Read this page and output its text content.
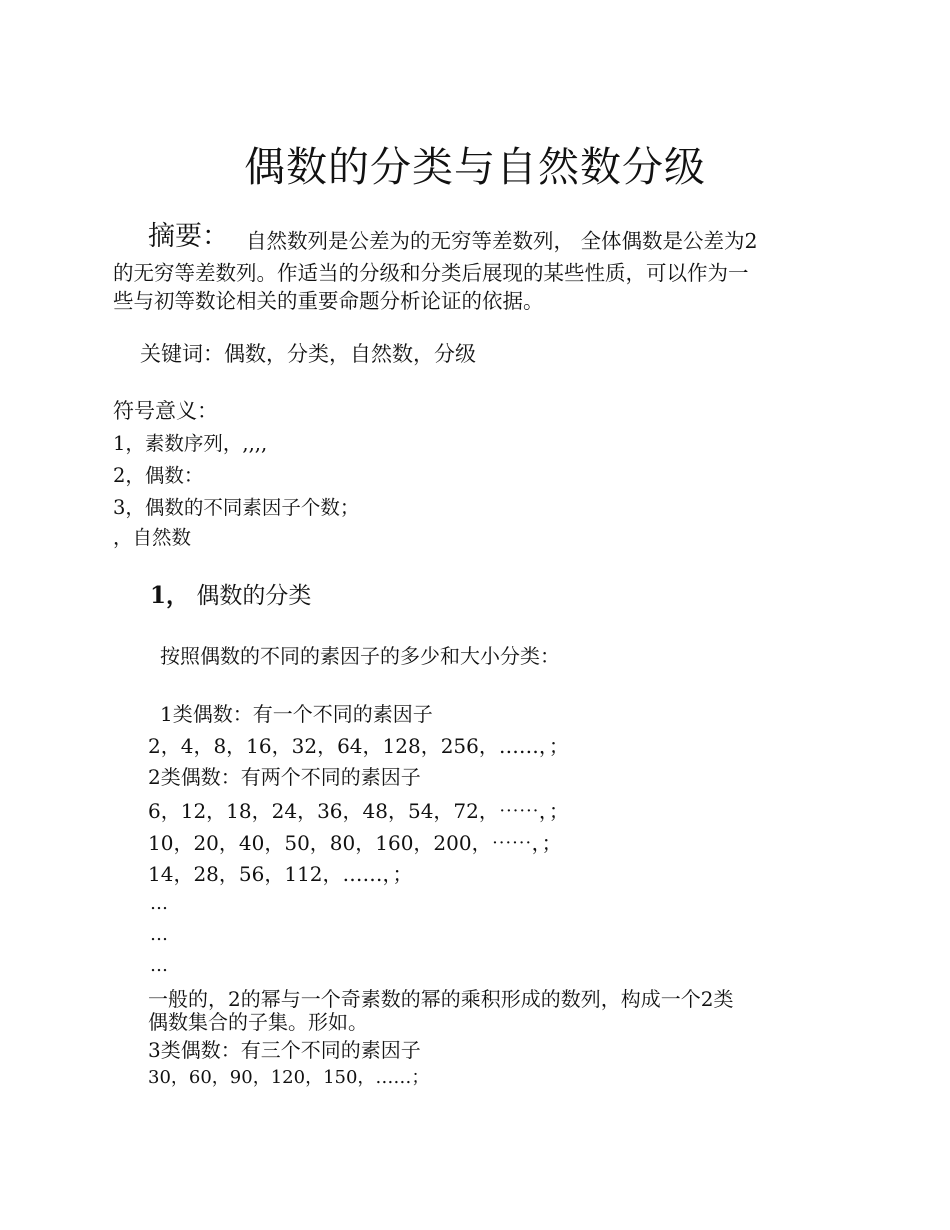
偶数的分类与自然数分级
摘要： 自然数列是公差为的无穷等差数列， 全体偶数是公差为2
的无穷等差数列。作适当的分级和分类后展现的某些性质，可以作为一
些与初等数论相关的重要命题分析论证的依据。
关键词：偶数，分类，自然数，分级
符号意义：
1，素数序列，,,,,
2，偶数：
3，偶数的不同素因子个数；
，自然数
1， 偶数的分类
按照偶数的不同的素因子的多少和大小分类：
1类偶数：有一个不同的素因子
2，4，8，16，32，64，128，256，……，；
2类偶数：有两个不同的素因子
6，12，18，24，36，48，54，72，⋯⋯，；
10，20，40，50，80，160，200，⋯⋯，；
14，28，56，112，……，；
…
…
…
一般的，2的幂与一个奇素数的幂的乘积形成的数列，构成一个2类
偶数集合的子集。形如。
3类偶数：有三个不同的素因子
30，60，90，120，150，……；
